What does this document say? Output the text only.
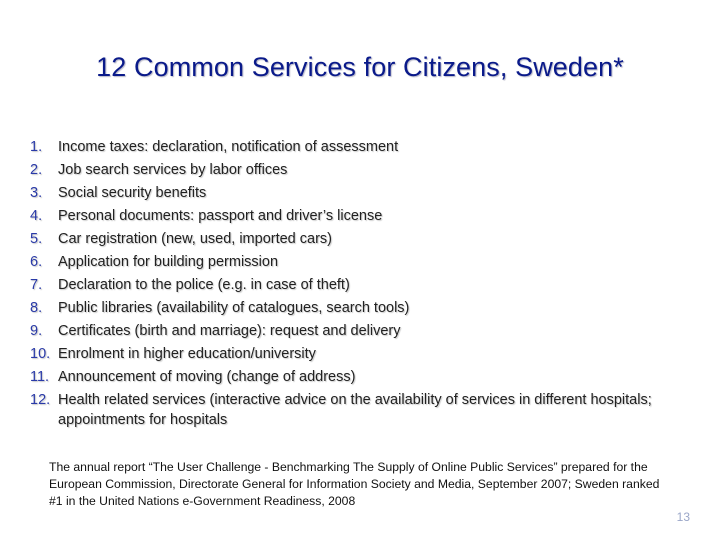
12 Common Services for Citizens, Sweden*
1.	Income taxes: declaration, notification of assessment
2.	Job search services by labor offices
3.	Social security benefits
4.	Personal documents: passport and driver’s license
5.	Car registration (new, used, imported cars)
6.	Application for building permission
7.	Declaration to the police (e.g. in case of theft)
8.	Public libraries (availability of catalogues, search tools)
9.	Certificates (birth and marriage): request and delivery
10. Enrolment in higher education/university
11. Announcement of moving (change of address)
12. Health related services (interactive advice on the availability of services in different hospitals; appointments for hospitals
The annual report “The User Challenge - Benchmarking The Supply of Online Public Services” prepared for the European Commission, Directorate General for Information Society and Media, September 2007; Sweden ranked #1 in the United Nations e-Government Readiness, 2008
13
